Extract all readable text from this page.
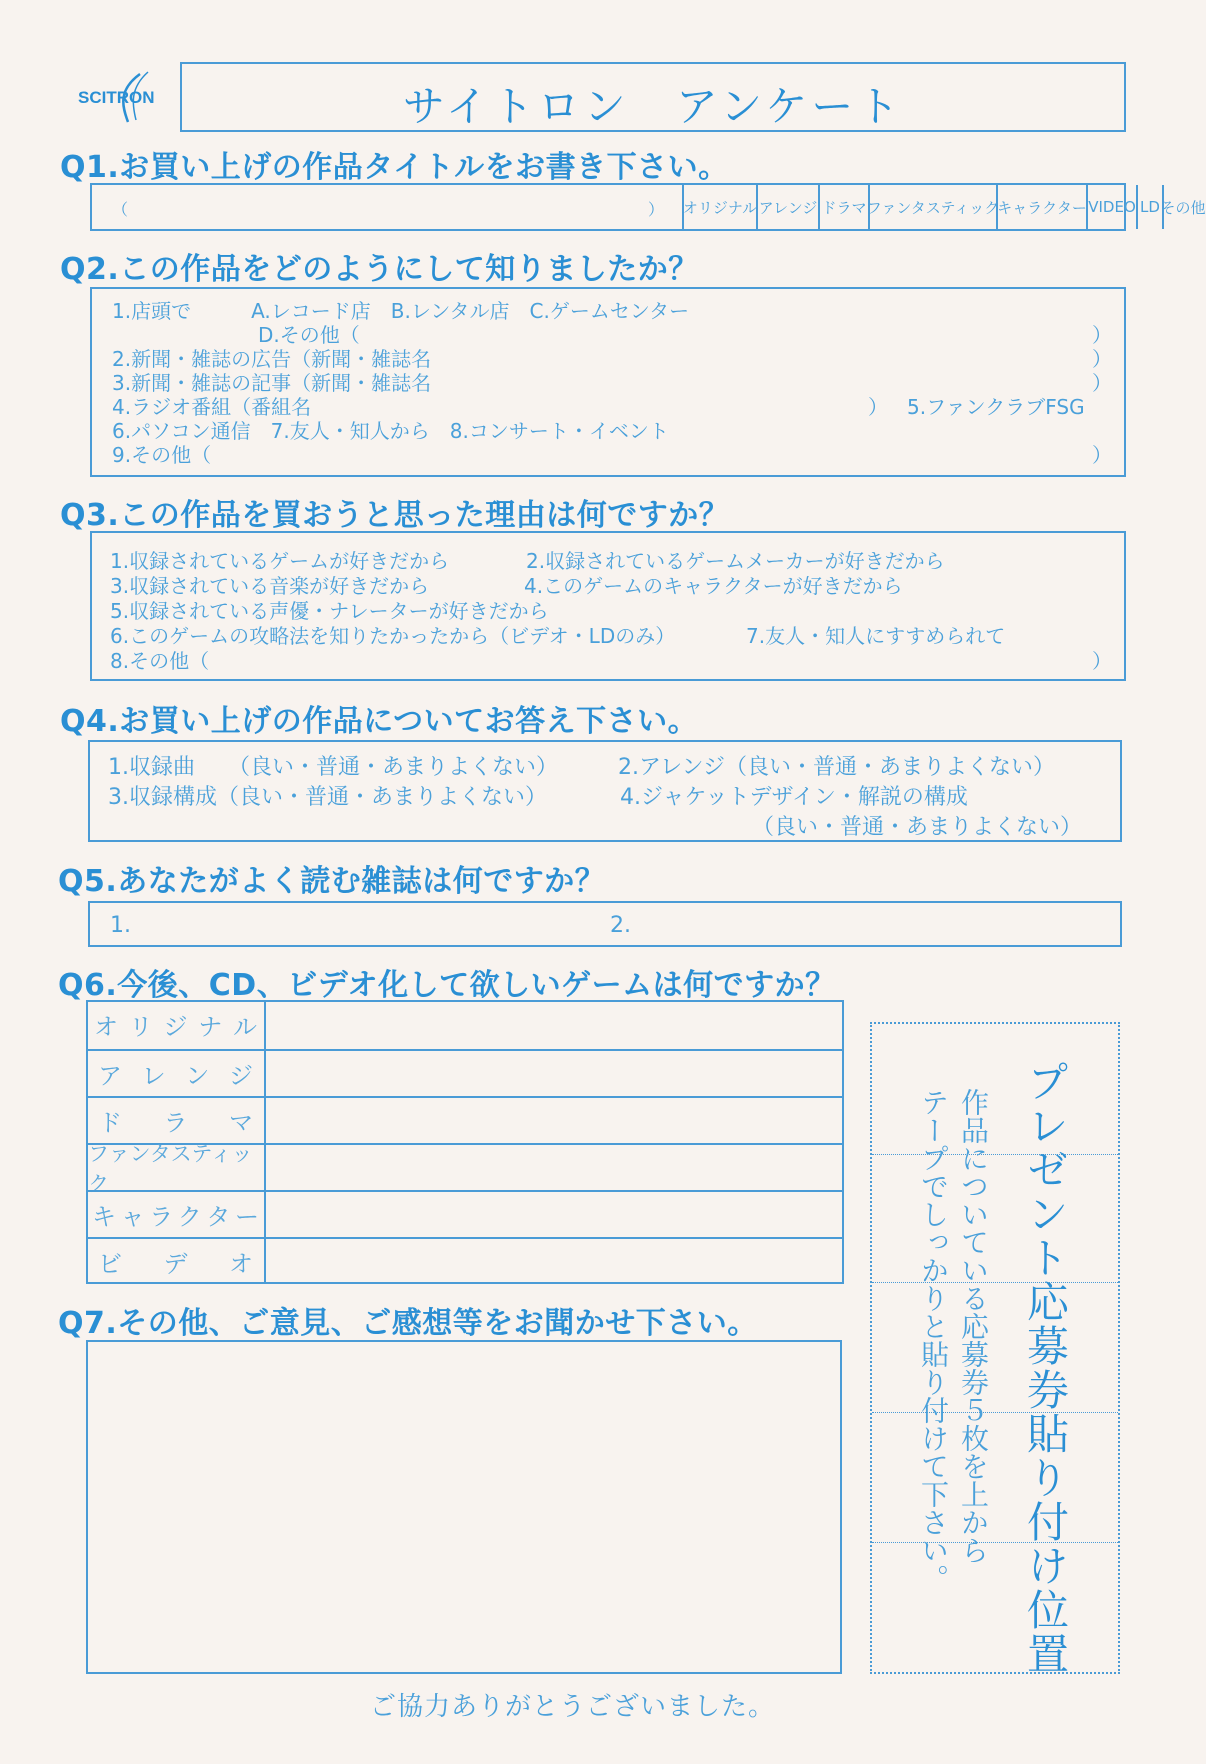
SCITRON	サイトロン　アンケート
Q1.お買い上げの作品タイトルをお書き下さい。
（	） オリジナル アレンジ ドラマ ファンタスティック
キャラクター VIDEO LD その他
Q2.この作品をどのようにして知りましたか？
1.店頭で　　　A.レコード店　B.レンタル店　C.ゲームセンター
D.その他（
2.新聞・雑誌の広告（新聞・雑誌名
3.新聞・雑誌の記事（新聞・雑誌名
4.ラジオ番組（番組名
6.パソコン通信　7.友人・知人から　8.コンサート・イベント
9.その他（
5.ファンクラブFSG
）
）
）
）
）
Q3.この作品を買おうと思った理由は何ですか？
1.収録されているゲームが好きだから	2.収録されているゲームメーカーが好きだから
3.収録されている音楽が好きだから	4.このゲームのキャラクターが好きだから
5.収録されている声優・ナレーターが好きだから
6.このゲームの攻略法を知りたかったから（ビデオ・LDのみ）	7.友人・知人にすすめられて
8.その他（	）
Q4.お買い上げの作品についてお答え下さい。
1.収録曲　　（良い・普通・あまりよくない）	2.アレンジ（良い・普通・あまりよくない）
3.収録構成（良い・普通・あまりよくない）	4.ジャケットデザイン・解説の構成
（良い・普通・あまりよくない）
Q5.あなたがよく読む雑誌は何ですか？
1.	2.
Q6.今後、CD、ビデオ化して欲しいゲームは何ですか？
オ リ ジ ナ ル
ア レ ン ジ
ド ラ マ
ファンタスティック
キ ャ ラ ク タ ー
ビ デ オ
Q7.その他、ご意見、ご感想等をお聞かせ下さい。	プレゼント応募券貼り付け位置
作品についている応募券５枚を上から
テープでしっかりと貼り付けて下さい。
ご協力ありがとうございました。
